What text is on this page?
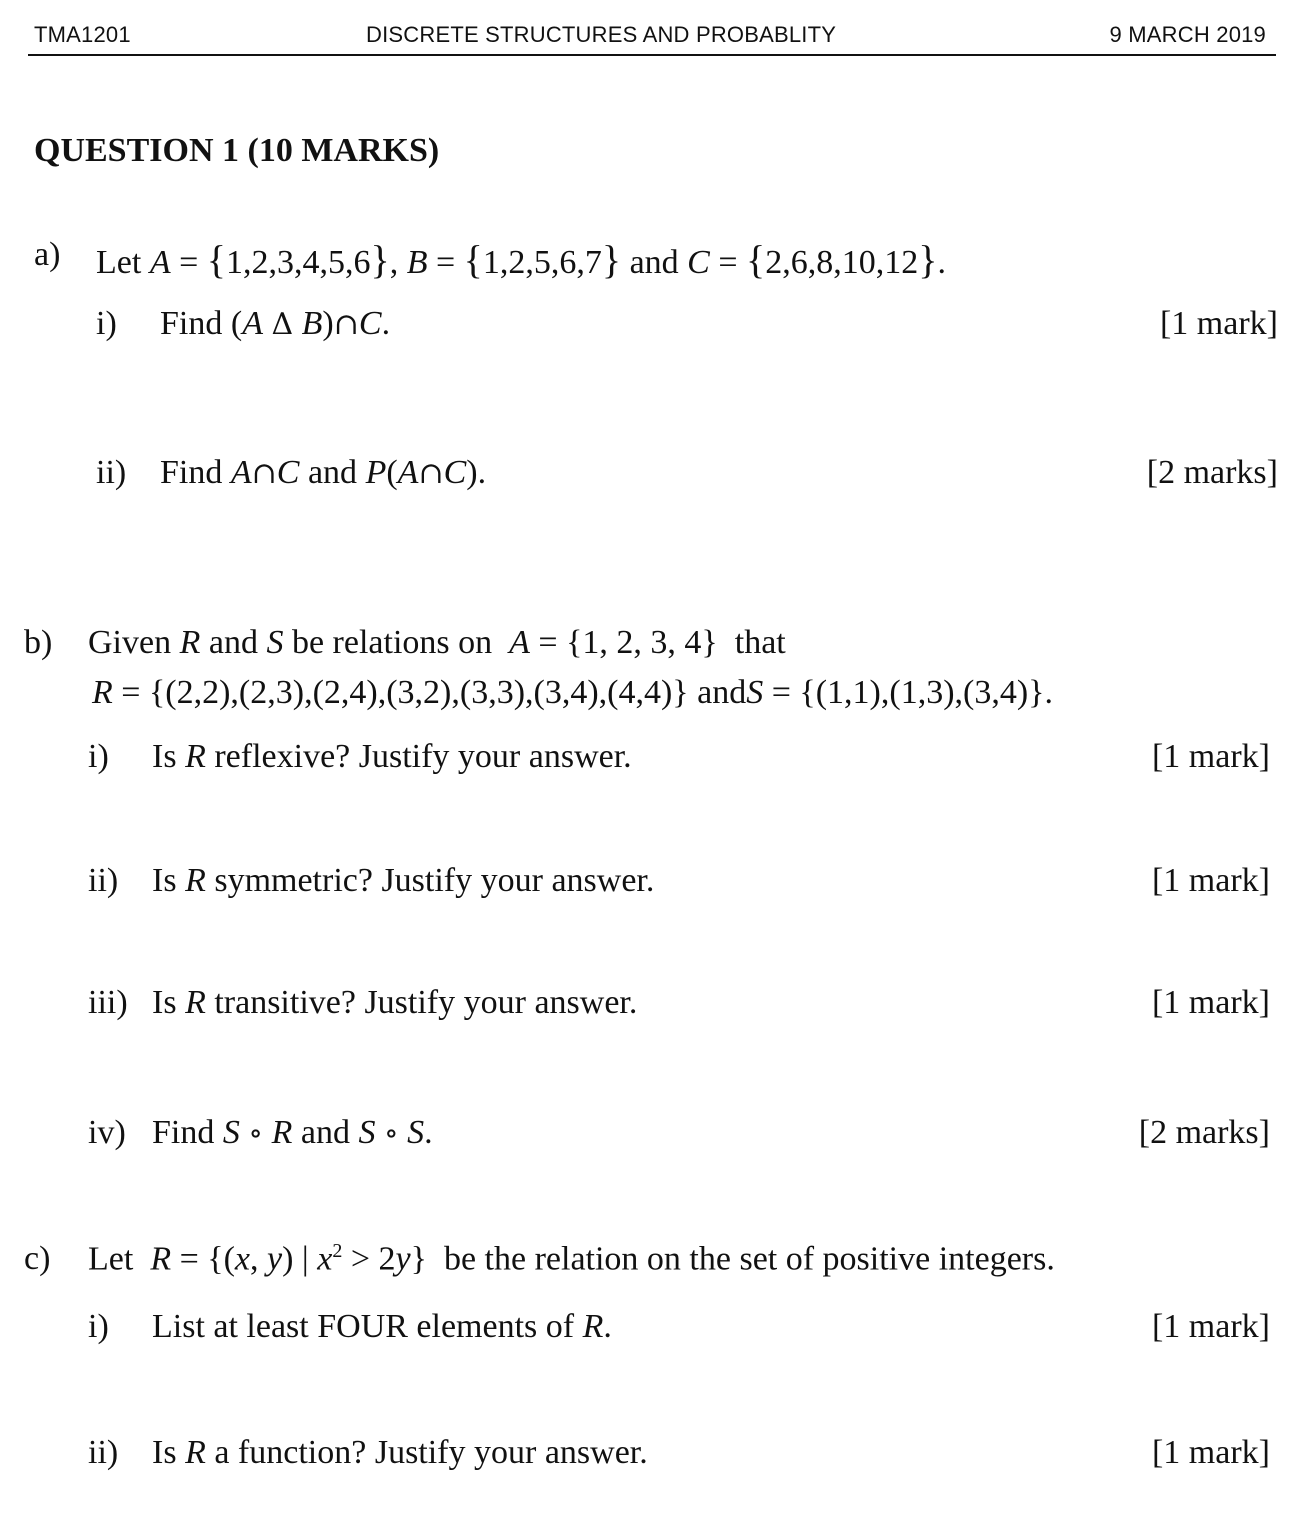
TMA1201	DISCRETE STRUCTURES AND PROBABLITY	9 MARCH 2019
QUESTION 1 (10 MARKS)
a) Let A = {1,2,3,4,5,6}, B = {1,2,5,6,7} and C = {2,6,8,10,12}.
i) Find (A Δ B)∩C.	[1 mark]
ii) Find A∩C and P(A∩C).	[2 marks]
b) Given R and S be relations on A = {1, 2, 3, 4} that
R = {(2,2),(2,3),(2,4),(3,2),(3,3),(3,4),(4,4)} andS = {(1,1),(1,3),(3,4)}.
i) Is R reflexive? Justify your answer.	[1 mark]
ii) Is R symmetric? Justify your answer.	[1 mark]
iii) Is R transitive? Justify your answer.	[1 mark]
iv) Find S ∘ R and S ∘ S.	[2 marks]
c) Let R = {(x, y) | $x^2 > 2y$}  be the relation on the set of positive integers.
i) List at least FOUR elements of R.	[1 mark]
ii) Is R a function? Justify your answer.	[1 mark]
